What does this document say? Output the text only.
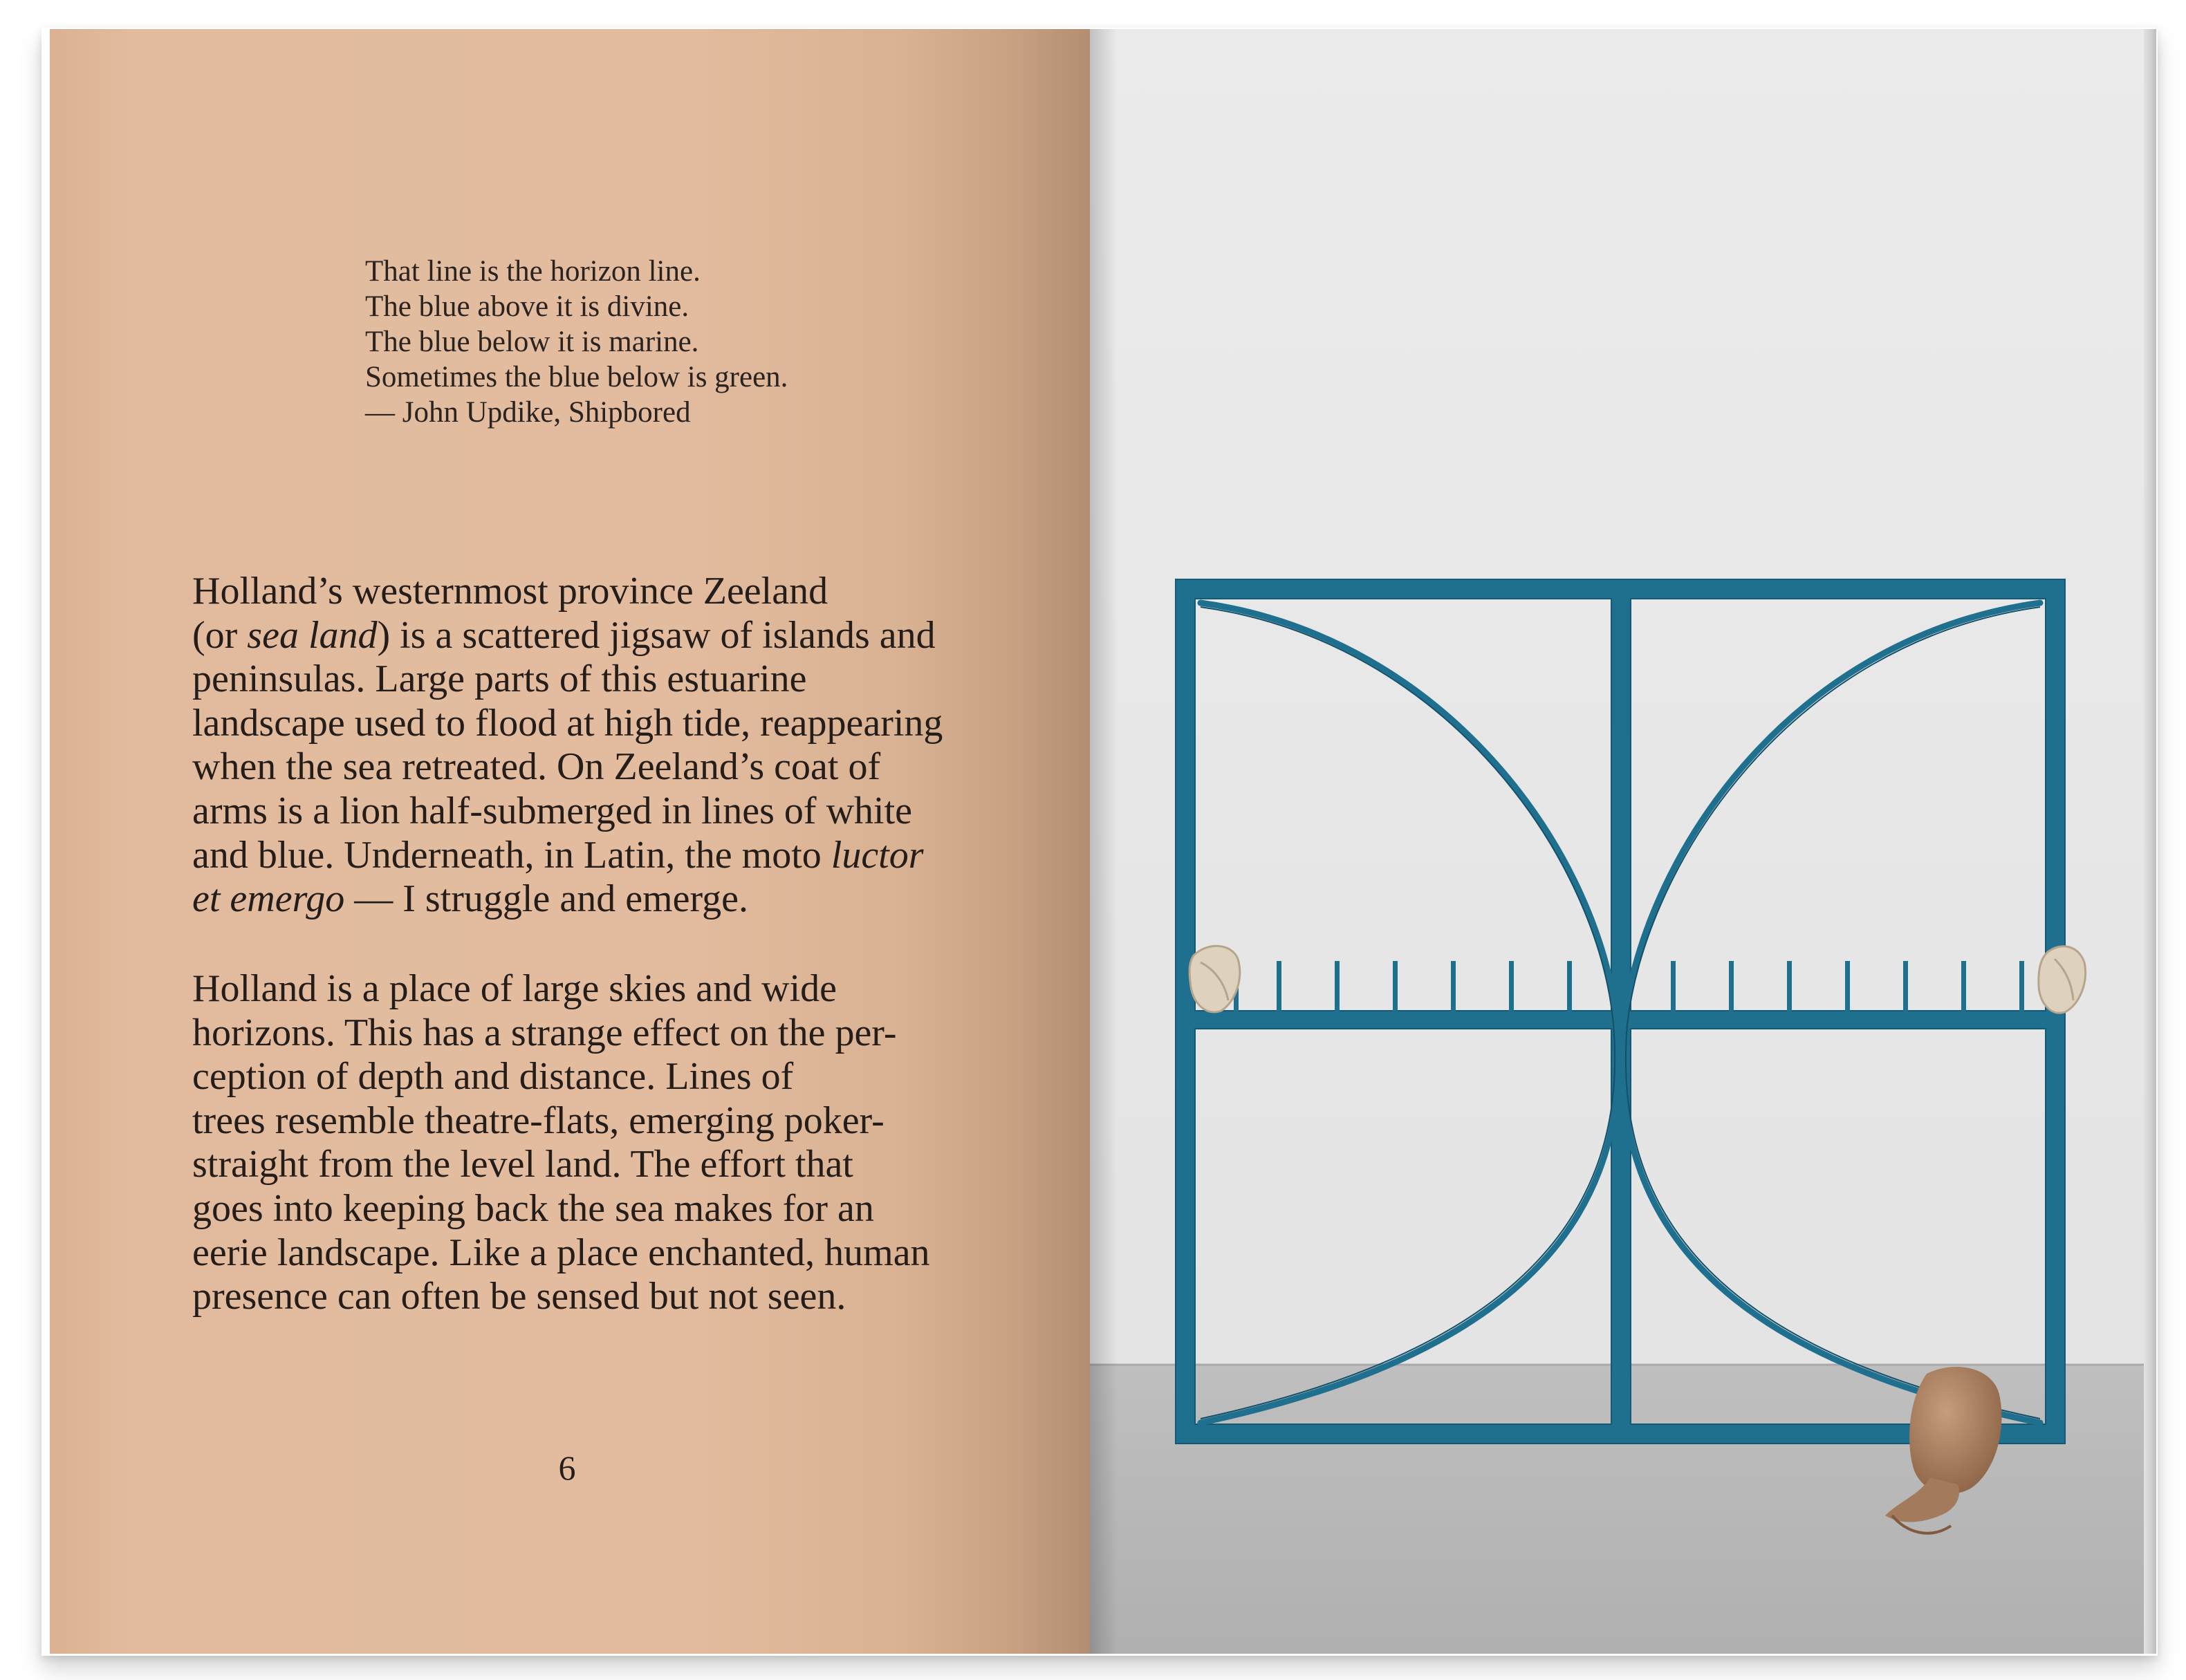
That line is the horizon line.
The blue above it is divine.
The blue below it is marine.
Sometimes the blue below is green.
— John Updike, Shipbored
Holland’s westernmost province Zeeland
(or sea land) is a scattered jigsaw of islands and
peninsulas. Large parts of this estuarine
landscape used to flood at high tide, reappearing
when the sea retreated. On Zeeland’s coat of
arms is a lion half-submerged in lines of white
and blue. Underneath, in Latin, the moto luctor
et emergo — I struggle and emerge.
Holland is a place of large skies and wide
horizons. This has a strange effect on the per-
ception of depth and distance. Lines of
trees resemble theatre-flats, emerging poker-
straight from the level land. The effort that
goes into keeping back the sea makes for an
eerie landscape. Like a place enchanted, human
presence can often be sensed but not seen.
6
